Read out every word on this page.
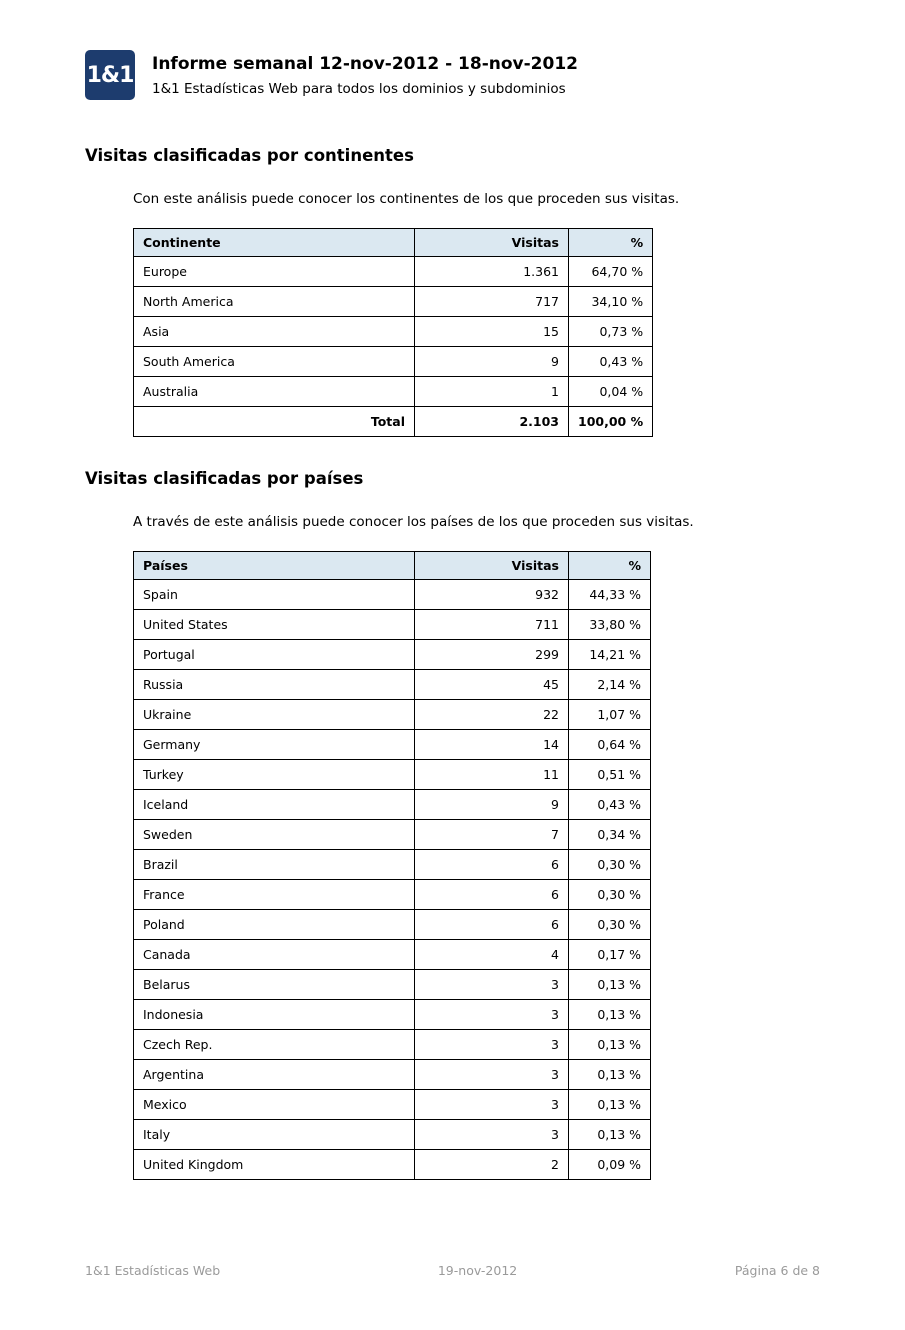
1&1 Informe semanal 12-nov-2012 - 18-nov-2012
1&1 Estadísticas Web para todos los dominios y subdominios
Visitas clasificadas por continentes
Con este análisis puede conocer los continentes de los que proceden sus visitas.
Continente	Visitas	%
Europe	1.361	64,70 %
North America	717	34,10 %
Asia	15	0,73 %
South America	9	0,43 %
Australia	1	0,04 %
Total	2.103	100,00 %
Visitas clasificadas por países
A través de este análisis puede conocer los países de los que proceden sus visitas.
Países	Visitas	%
Spain	932	44,33 %
United States	711	33,80 %
Portugal	299	14,21 %
Russia	45	2,14 %
Ukraine	22	1,07 %
Germany	14	0,64 %
Turkey	11	0,51 %
Iceland	9	0,43 %
Sweden	7	0,34 %
Brazil	6	0,30 %
France	6	0,30 %
Poland	6	0,30 %
Canada	4	0,17 %
Belarus	3	0,13 %
Indonesia	3	0,13 %
Czech Rep.	3	0,13 %
Argentina	3	0,13 %
Mexico	3	0,13 %
Italy	3	0,13 %
United Kingdom	2	0,09 %
1&1 Estadísticas Web	19-nov-2012	Página 6 de 8
